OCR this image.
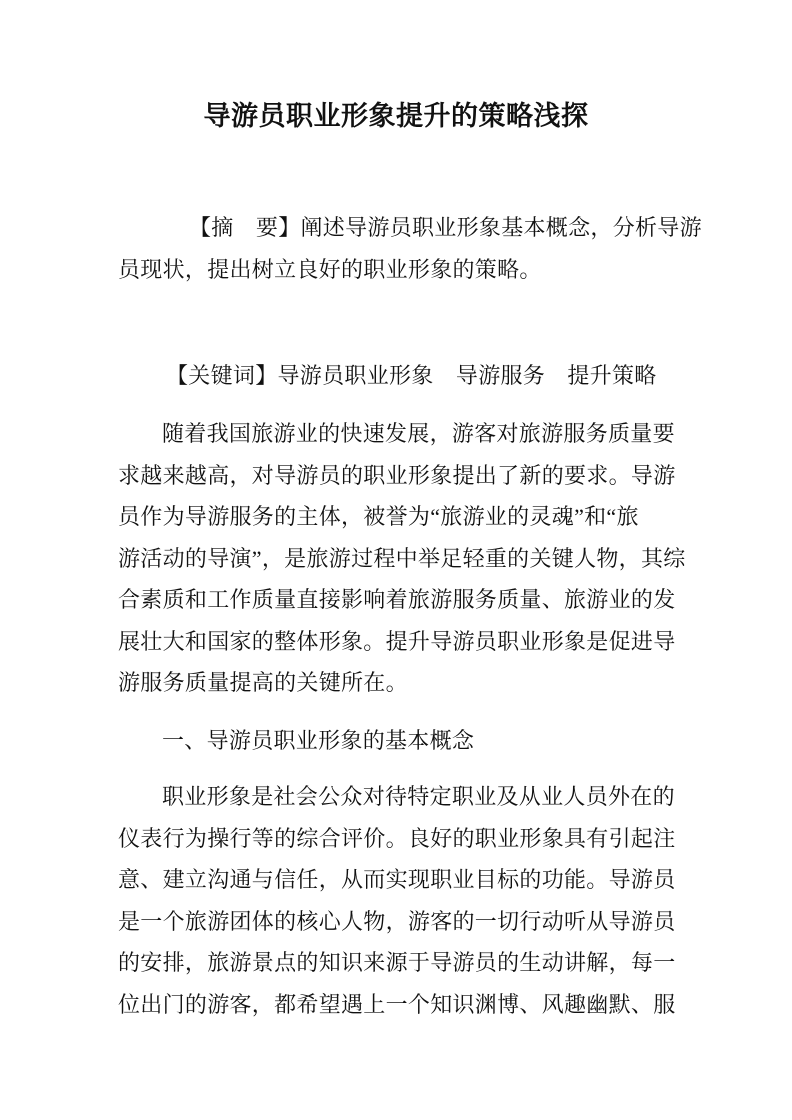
导游员职业形象提升的策略浅探
【摘　要】阐述导游员职业形象基本概念，分析导游
员现状，提出树立良好的职业形象的策略。
【关键词】导游员职业形象　导游服务　提升策略
随着我国旅游业的快速发展，游客对旅游服务质量要
求越来越高，对导游员的职业形象提出了新的要求。导游
员作为导游服务的主体，被誉为“旅游业的灵魂”和“旅
游活动的导演”，是旅游过程中举足轻重的关键人物，其综
合素质和工作质量直接影响着旅游服务质量、旅游业的发
展壮大和国家的整体形象。提升导游员职业形象是促进导
游服务质量提高的关键所在。
一、导游员职业形象的基本概念
职业形象是社会公众对待特定职业及从业人员外在的
仪表行为操行等的综合评价。良好的职业形象具有引起注
意、建立沟通与信任，从而实现职业目标的功能。导游员
是一个旅游团体的核心人物，游客的一切行动听从导游员
的安排，旅游景点的知识来源于导游员的生动讲解，每一
位出门的游客，都希望遇上一个知识渊博、风趣幽默、服
